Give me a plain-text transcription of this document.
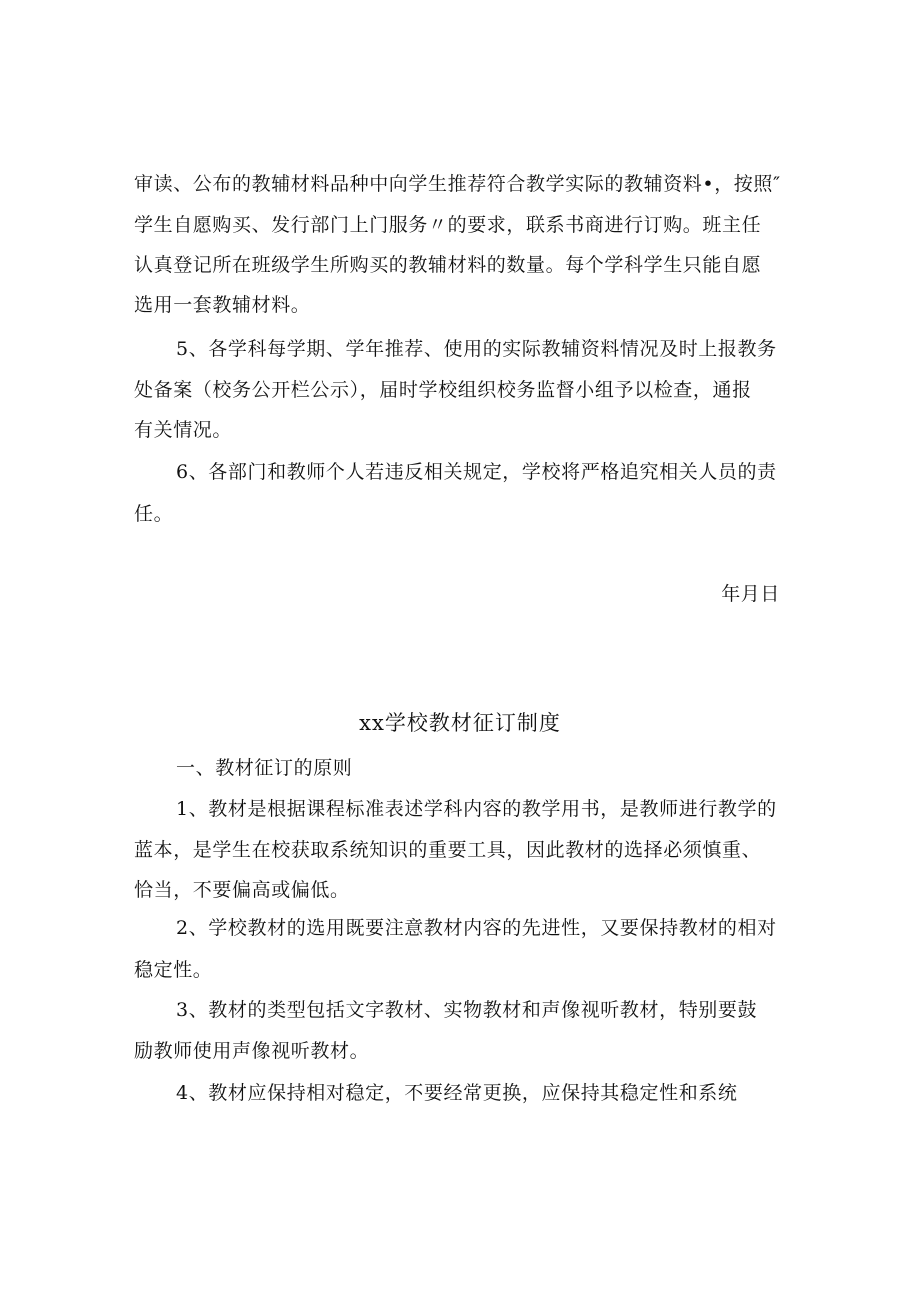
审读、公布的教辅材料品种中向学生推荐符合教学实际的教辅资料•，按照″
学生自愿购买、发行部门上门服务〃的要求，联系书商进行订购。班主任
认真登记所在班级学生所购买的教辅材料的数量。每个学科学生只能自愿
选用一套教辅材料。
5、各学科每学期、学年推荐、使用的实际教辅资料情况及时上报教务
处备案（校务公开栏公示），届时学校组织校务监督小组予以检查，通报
有关情况。
6、各部门和教师个人若违反相关规定，学校将严格追究相关人员的责
任。
年月日
xx学校教材征订制度
一、教材征订的原则
1、教材是根据课程标准表述学科内容的教学用书，是教师进行教学的
蓝本，是学生在校获取系统知识的重要工具，因此教材的选择必须慎重、
恰当，不要偏高或偏低。
2、学校教材的选用既要注意教材内容的先进性，又要保持教材的相对
稳定性。
3、教材的类型包括文字教材、实物教材和声像视听教材，特别要鼓
励教师使用声像视听教材。
4、教材应保持相对稳定，不要经常更换，应保持其稳定性和系统
